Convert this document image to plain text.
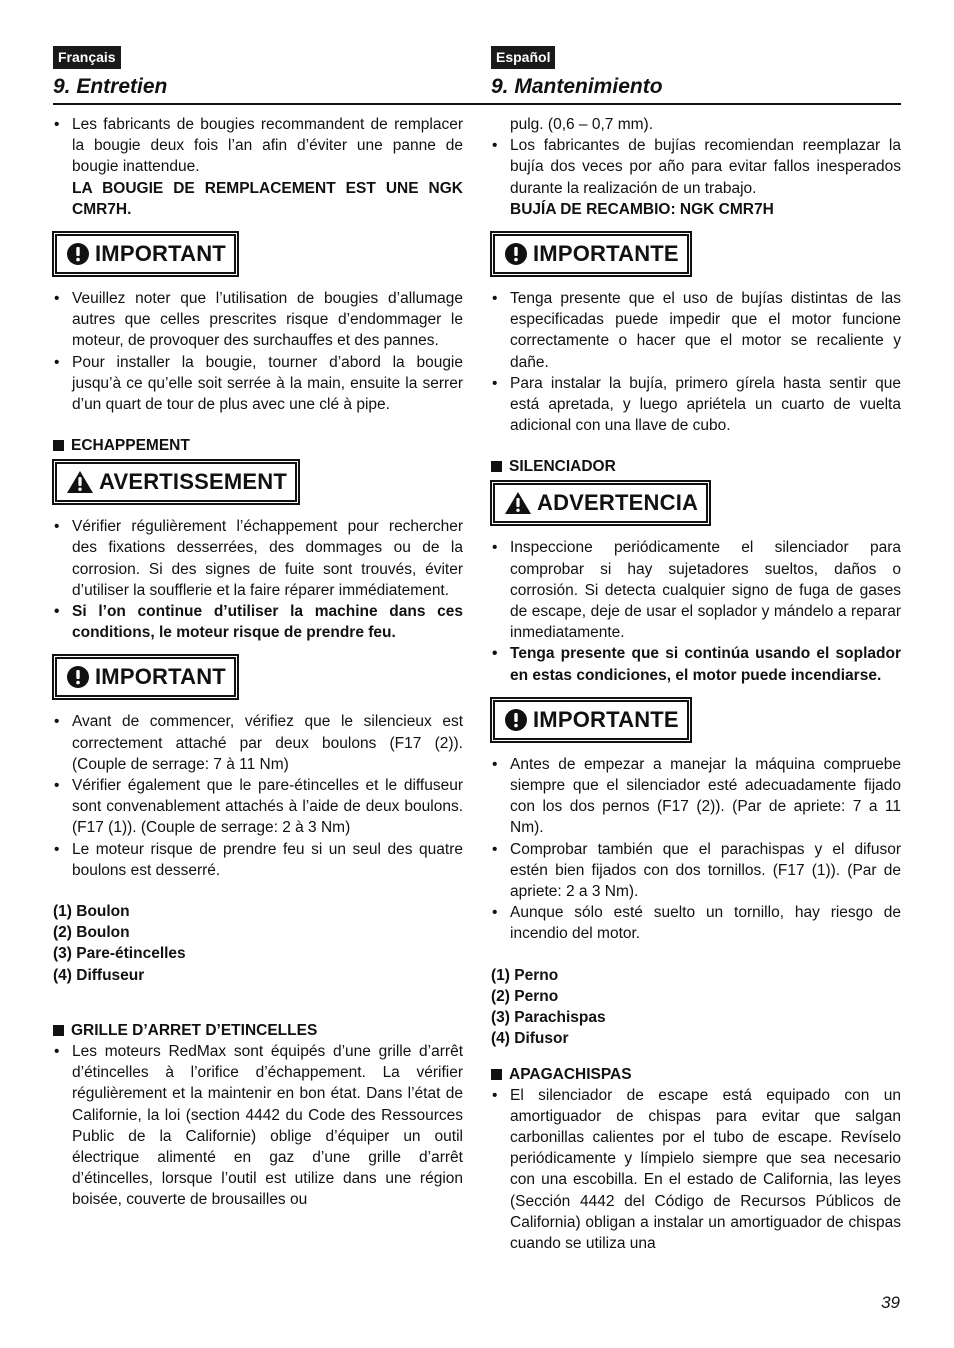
Français
9. Entretien
• Les fabricants de bougies recommandent de remplacer la bougie deux fois l’an afin d’éviter une panne de bougie inattendue.

LA BOUGIE DE REMPLACEMENT EST UNE NGK CMR7H.

IMPORTANT
• Veuillez noter que l’utilisation de bougies d’allumage autres que celles prescrites risque d’endommager le moteur, de provoquer des surchauffes et des pannes.
• Pour installer la bougie, tourner d’abord la bougie jusqu’à ce qu’elle soit serrée à la main, ensuite la serrer d’un quart de tour de plus avec une clé à pipe.
ECHAPPEMENT
AVERTISSEMENT
• Vérifier régulièrement l’échappement pour rechercher des fixations desserrées, des dommages ou de la corrosion. Si des signes de fuite sont trouvés, éviter d’utiliser la soufflerie et la faire réparer immédiatement.
• Si l’on continue d’utiliser la machine dans ces conditions, le moteur risque de prendre feu.
IMPORTANT
• Avant de commencer, vérifiez que le silencieux est correctement attaché par deux boulons (F17 (2)). (Couple de serrage: 7 à 11 Nm)
• Vérifier également que le pare-étincelles et le diffuseur sont convenablement attachés à l’aide de deux boulons. (F17 (1)). (Couple de serrage: 2 à 3 Nm)
• Le moteur risque de prendre feu si un seul des quatre boulons est desserré.

(1) Boulon

(2) Boulon

(3) Pare-étincelles

(4) Diffuseur

GRILLE D’ARRET D’ETINCELLES
• Les moteurs RedMax sont équipés d’une grille d’arrêt d’étincelles à l’orifice d’échappement. La vérifier régulièrement et la maintenir en bon état. Dans l’état de Californie, la loi (section 4442 du Code des Ressources Public de la Californie) oblige d’équiper un outil électrique alimenté en gaz d’une grille d’arrêt d’étincelles, lorsque l’outil est utilize dans une région boisée, couverte de brousailles ou
Español
9. Mantenimiento

pulg. (0,6 – 0,7 mm).

• Los fabricantes de bujías recomiendan reemplazar la bujía dos veces por año para evitar fallos inesperados durante la realización de un trabajo.

BUJÍA DE RECAMBIO: NGK CMR7H

IMPORTANTE
• Tenga presente que el uso de bujías distintas de las especificadas puede impedir que el motor funcione correctamente o hacer que el motor se recaliente y dañe.
• Para instalar la bujía, primero gírela hasta sentir que está apretada, y luego apriétela un cuarto de vuelta adicional con una llave de cubo.
SILENCIADOR
ADVERTENCIA
• Inspeccione periódicamente el silenciador para comprobar si hay sujetadores sueltos, daños o corrosión. Si detecta cualquier signo de fuga de gases de escape, deje de usar el soplador y mándelo a reparar inmediatamente.
• Tenga presente que si continúa usando el soplador en estas condiciones, el motor puede incendiarse.
IMPORTANTE
• Antes de empezar a manejar la máquina compruebe siempre que el silenciador esté adecuadamente fijado con los dos pernos (F17 (2)). (Par de apriete: 7 a 11 Nm).
• Comprobar también que el parachispas y el difusor estén bien fijados con dos tornillos. (F17 (1)). (Par de apriete: 2 a 3 Nm).
• Aunque sólo esté suelto un tornillo, hay riesgo de incendio del motor.

(1) Perno

(2) Perno

(3) Parachispas

(4) Difusor

APAGACHISPAS
• El silenciador de escape está equipado con un amortiguador de chispas para evitar que salgan carbonillas calientes por el tubo de escape. Revíselo periódicamente y límpielo siempre que sea necesario con una escobilla. En el estado de California, las leyes (Sección 4442 del Código de Recursos Públicos de California) obligan a instalar un amortiguador de chispas cuando se utiliza una
39
